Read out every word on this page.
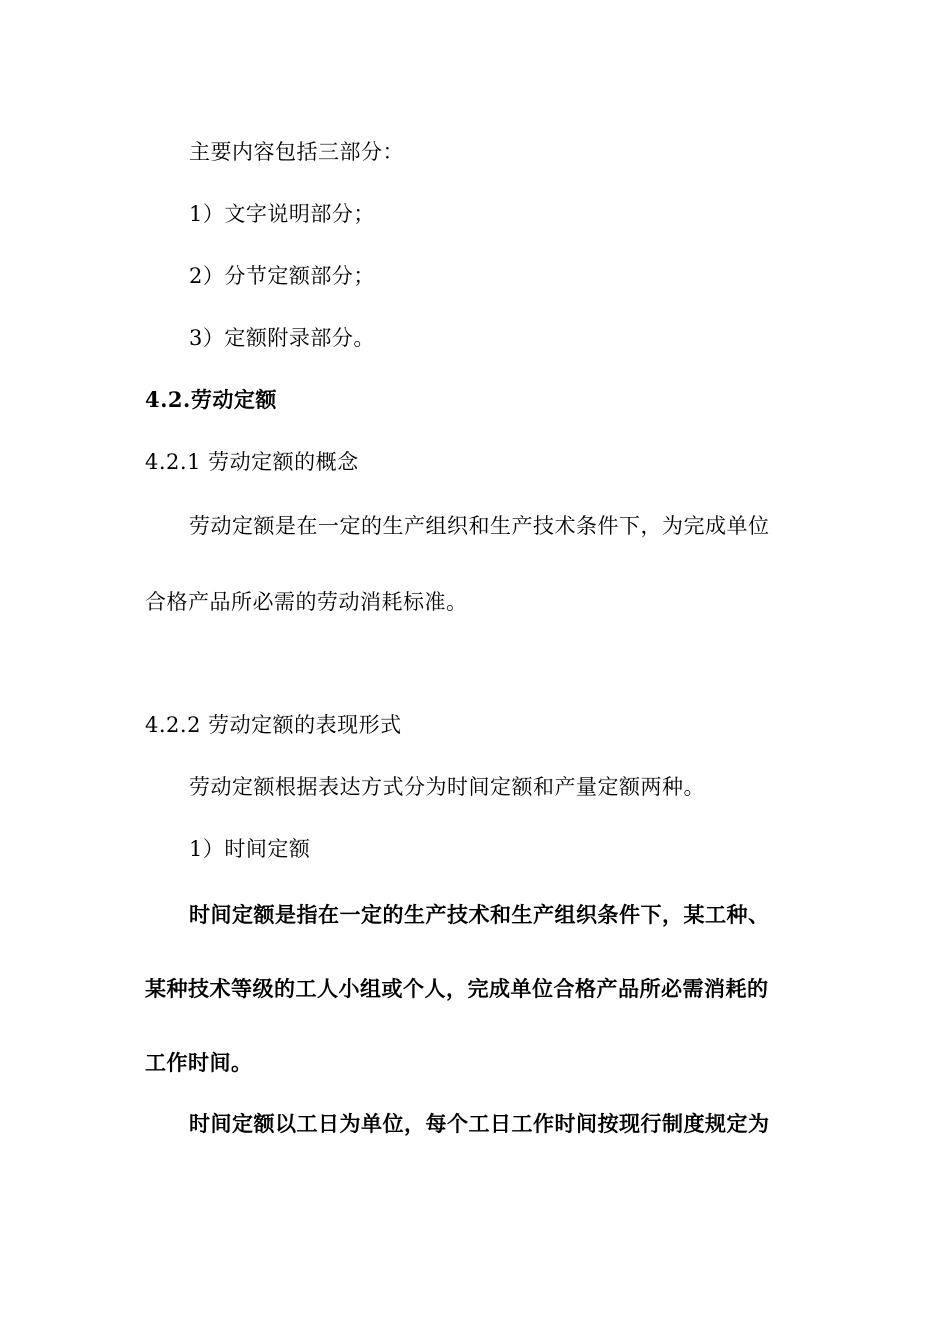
主要内容包括三部分：
1）文字说明部分；
2）分节定额部分；
3）定额附录部分。
4.2.劳动定额
4.2.1 劳动定额的概念
劳动定额是在一定的生产组织和生产技术条件下，为完成单位
合格产品所必需的劳动消耗标准。
4.2.2 劳动定额的表现形式
劳动定额根据表达方式分为时间定额和产量定额两种。
1）时间定额
时间定额是指在一定的生产技术和生产组织条件下，某工种、
某种技术等级的工人小组或个人，完成单位合格产品所必需消耗的
工作时间。
时间定额以工日为单位，每个工日工作时间按现行制度规定为
